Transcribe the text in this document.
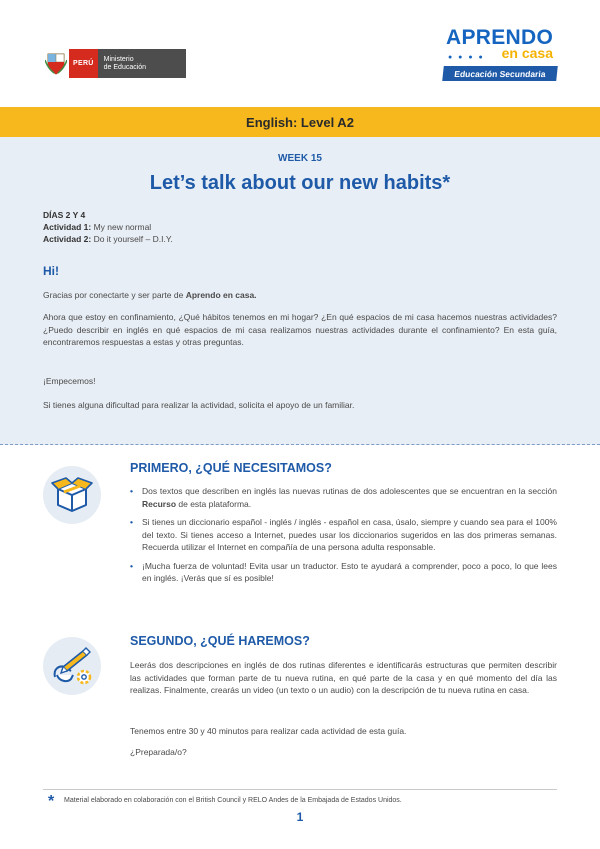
PERÚ
Ministerio
de Educación
APRENDO
en casa
● ● ● ●
Educación Secundaria
English: Level A2
WEEK 15
Let’s talk about our new habits*
DÍAS 2 Y 4
Actividad 1: My new normal
Actividad 2: Do it yourself – D.I.Y.
Hi!
Gracias por conectarte y ser parte de Aprendo en casa.
Ahora que estoy en confinamiento, ¿Qué hábitos tenemos en mi hogar? ¿En qué espacios de mi casa hacemos nuestras actividades? ¿Puedo describir en inglés en qué espacios de mi casa realizamos nuestras actividades durante el confinamiento? En esta guía, encontraremos respuestas a estas y otras preguntas.
¡Empecemos!
Si tienes alguna dificultad para realizar la actividad, solicita el apoyo de un familiar.
PRIMERO, ¿QUÉ NECESITAMOS?
• Dos textos que describen en inglés las nuevas rutinas de dos adolescentes que se encuentran en la sección Recurso de esta plataforma.
• Si tienes un diccionario español - inglés / inglés - español en casa, úsalo, siempre y cuando sea para el 100% del texto. Si tienes acceso a Internet, puedes usar los diccionarios sugeridos en las dos primeras semanas. Recuerda utilizar el Internet en compañía de una persona adulta responsable.
• ¡Mucha fuerza de voluntad! Evita usar un traductor. Esto te ayudará a comprender, poco a poco, lo que lees en inglés. ¡Verás que sí es posible!
SEGUNDO, ¿QUÉ HAREMOS?
Leerás dos descripciones en inglés de dos rutinas diferentes e identificarás estructuras que permiten describir las actividades que forman parte de tu nueva rutina, en qué parte de la casa y en qué momento del día las realizas. Finalmente, crearás un video (un texto o un audio) con la descripción de tu nueva rutina en casa.
Tenemos entre 30 y 40 minutos para realizar cada actividad de esta guía.
¿Preparada/o?
* Material elaborado en colaboración con el British Council y RELO Andes de la Embajada de Estados Unidos.
1
